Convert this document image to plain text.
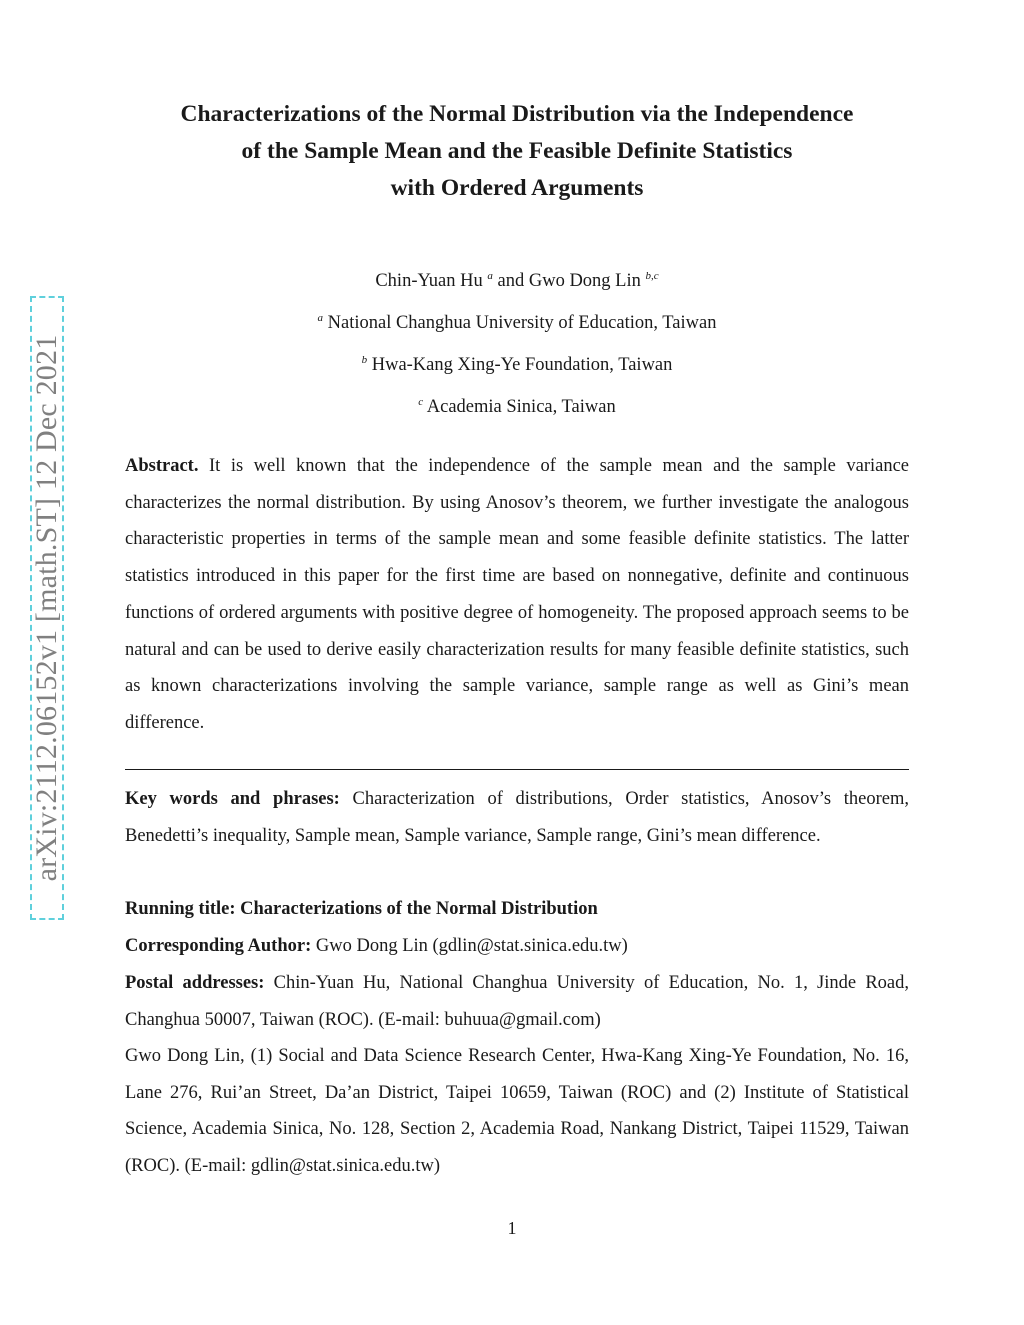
arXiv:2112.06152v1 [math.ST] 12 Dec 2021
Characterizations of the Normal Distribution via the Independence
of the Sample Mean and the Feasible Definite Statistics
with Ordered Arguments
Chin-Yuan Hu $^a$ and Gwo Dong Lin $^{b,c}$
$^a$ National Changhua University of Education, Taiwan
$^b$ Hwa-Kang Xing-Ye Foundation, Taiwan
$^c$ Academia Sinica, Taiwan
Abstract. It is well known that the independence of the sample mean and the sample variance characterizes the normal distribution. By using Anosov’s theorem, we further investigate the analogous characteristic properties in terms of the sample mean and some feasible definite statistics. The latter statistics introduced in this paper for the first time are based on nonnegative, definite and continuous functions of ordered arguments with positive degree of homogeneity. The proposed approach seems to be natural and can be used to derive easily characterization results for many feasible definite statistics, such as known characterizations involving the sample variance, sample range as well as Gini’s mean difference.
Key words and phrases: Characterization of distributions, Order statistics, Anosov’s theorem, Benedetti’s inequality, Sample mean, Sample variance, Sample range, Gini’s mean difference.
Running title: Characterizations of the Normal Distribution
Corresponding Author: Gwo Dong Lin (gdlin@stat.sinica.edu.tw)
Postal addresses: Chin-Yuan Hu, National Changhua University of Education, No. 1, Jinde Road, Changhua 50007, Taiwan (ROC). (E-mail: buhuua@gmail.com)
Gwo Dong Lin, (1) Social and Data Science Research Center, Hwa-Kang Xing-Ye Foundation, No. 16, Lane 276, Rui’an Street, Da’an District, Taipei 10659, Taiwan (ROC) and (2) Institute of Statistical Science, Academia Sinica, No. 128, Section 2, Academia Road, Nankang District, Taipei 11529, Taiwan (ROC). (E-mail: gdlin@stat.sinica.edu.tw)
1
